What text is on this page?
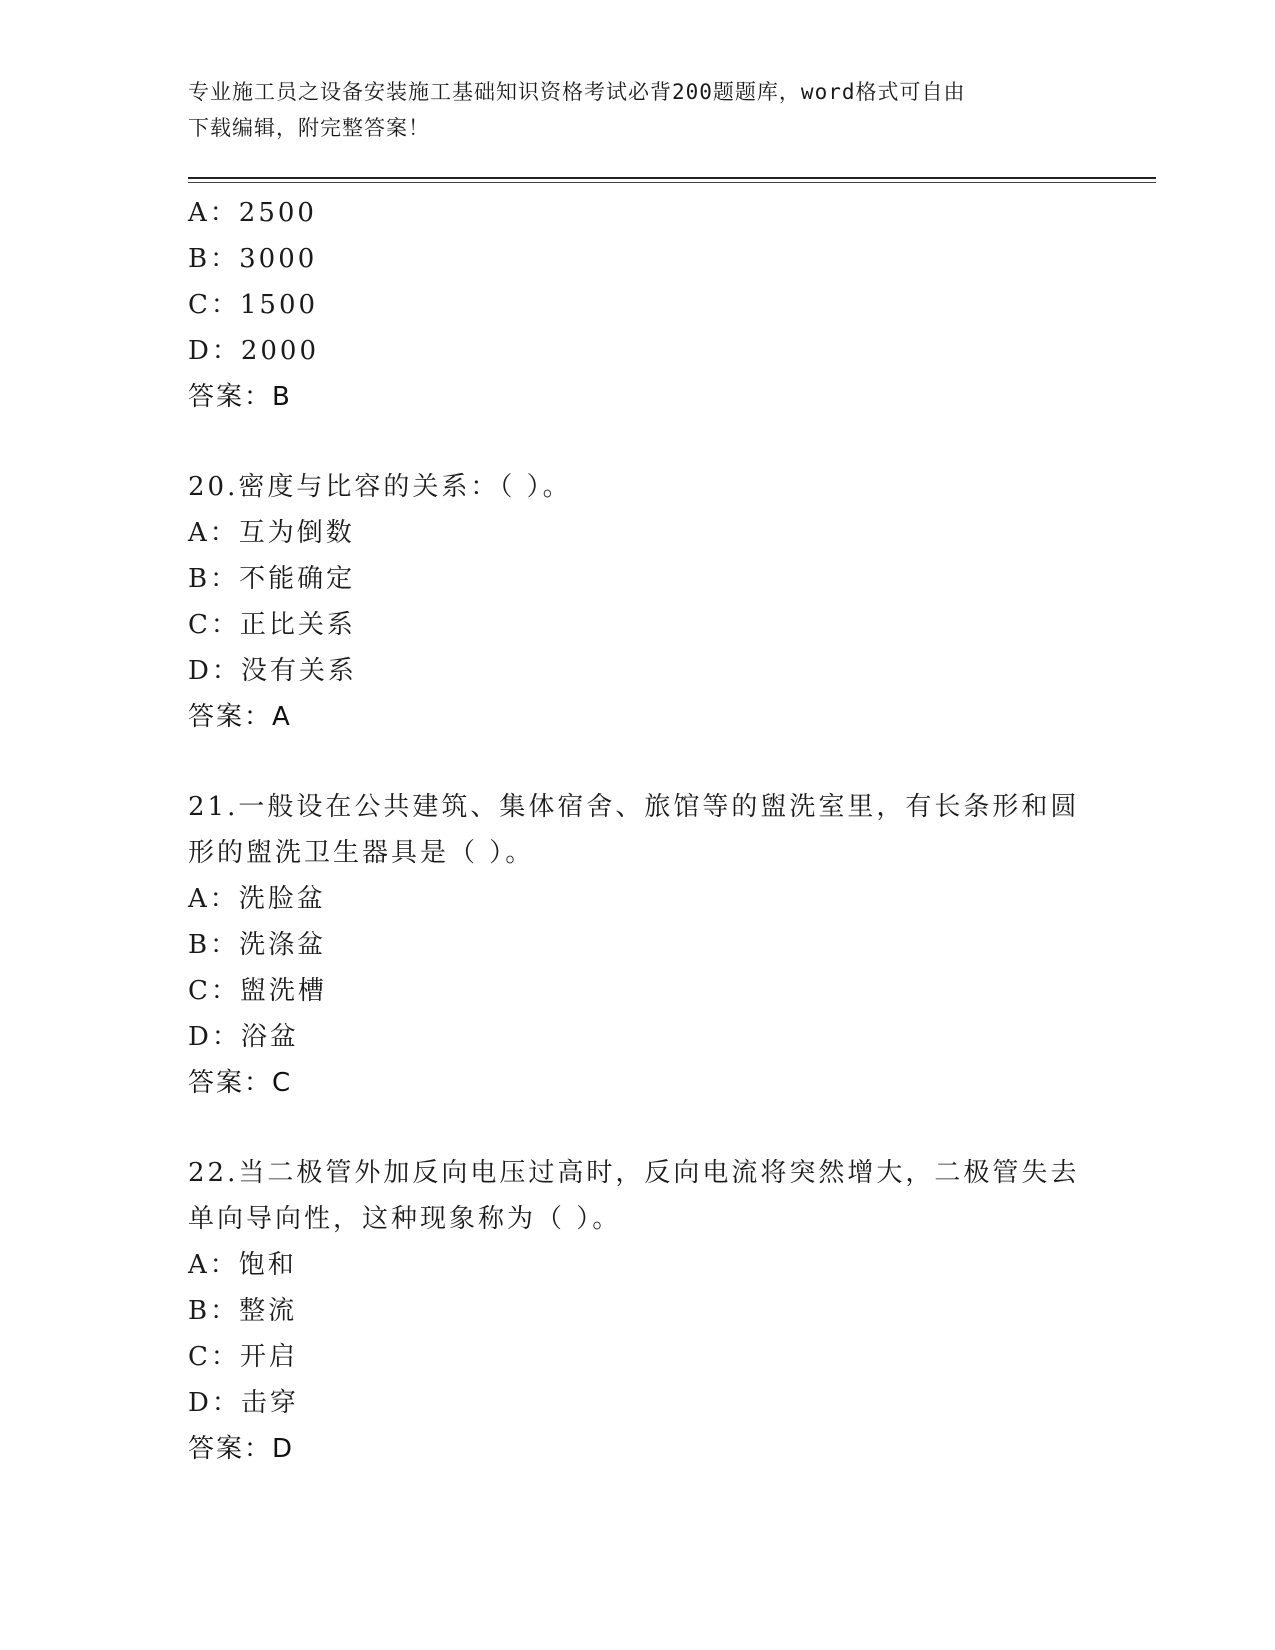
专业施工员之设备安装施工基础知识资格考试必背200题题库，word格式可自由
下载编辑，附完整答案！
A：2500
B：3000
C：1500
D：2000
答案：B
20.密度与比容的关系：（ ）。
A：互为倒数
B：不能确定
C：正比关系
D：没有关系
答案：A
21.一般设在公共建筑、集体宿舍、旅馆等的盥洗室里，有长条形和圆
形的盥洗卫生器具是（ ）。
A：洗脸盆
B：洗涤盆
C：盥洗槽
D：浴盆
答案：C
22.当二极管外加反向电压过高时，反向电流将突然增大，二极管失去
单向导向性，这种现象称为（ ）。
A：饱和
B：整流
C：开启
D：击穿
答案：D
